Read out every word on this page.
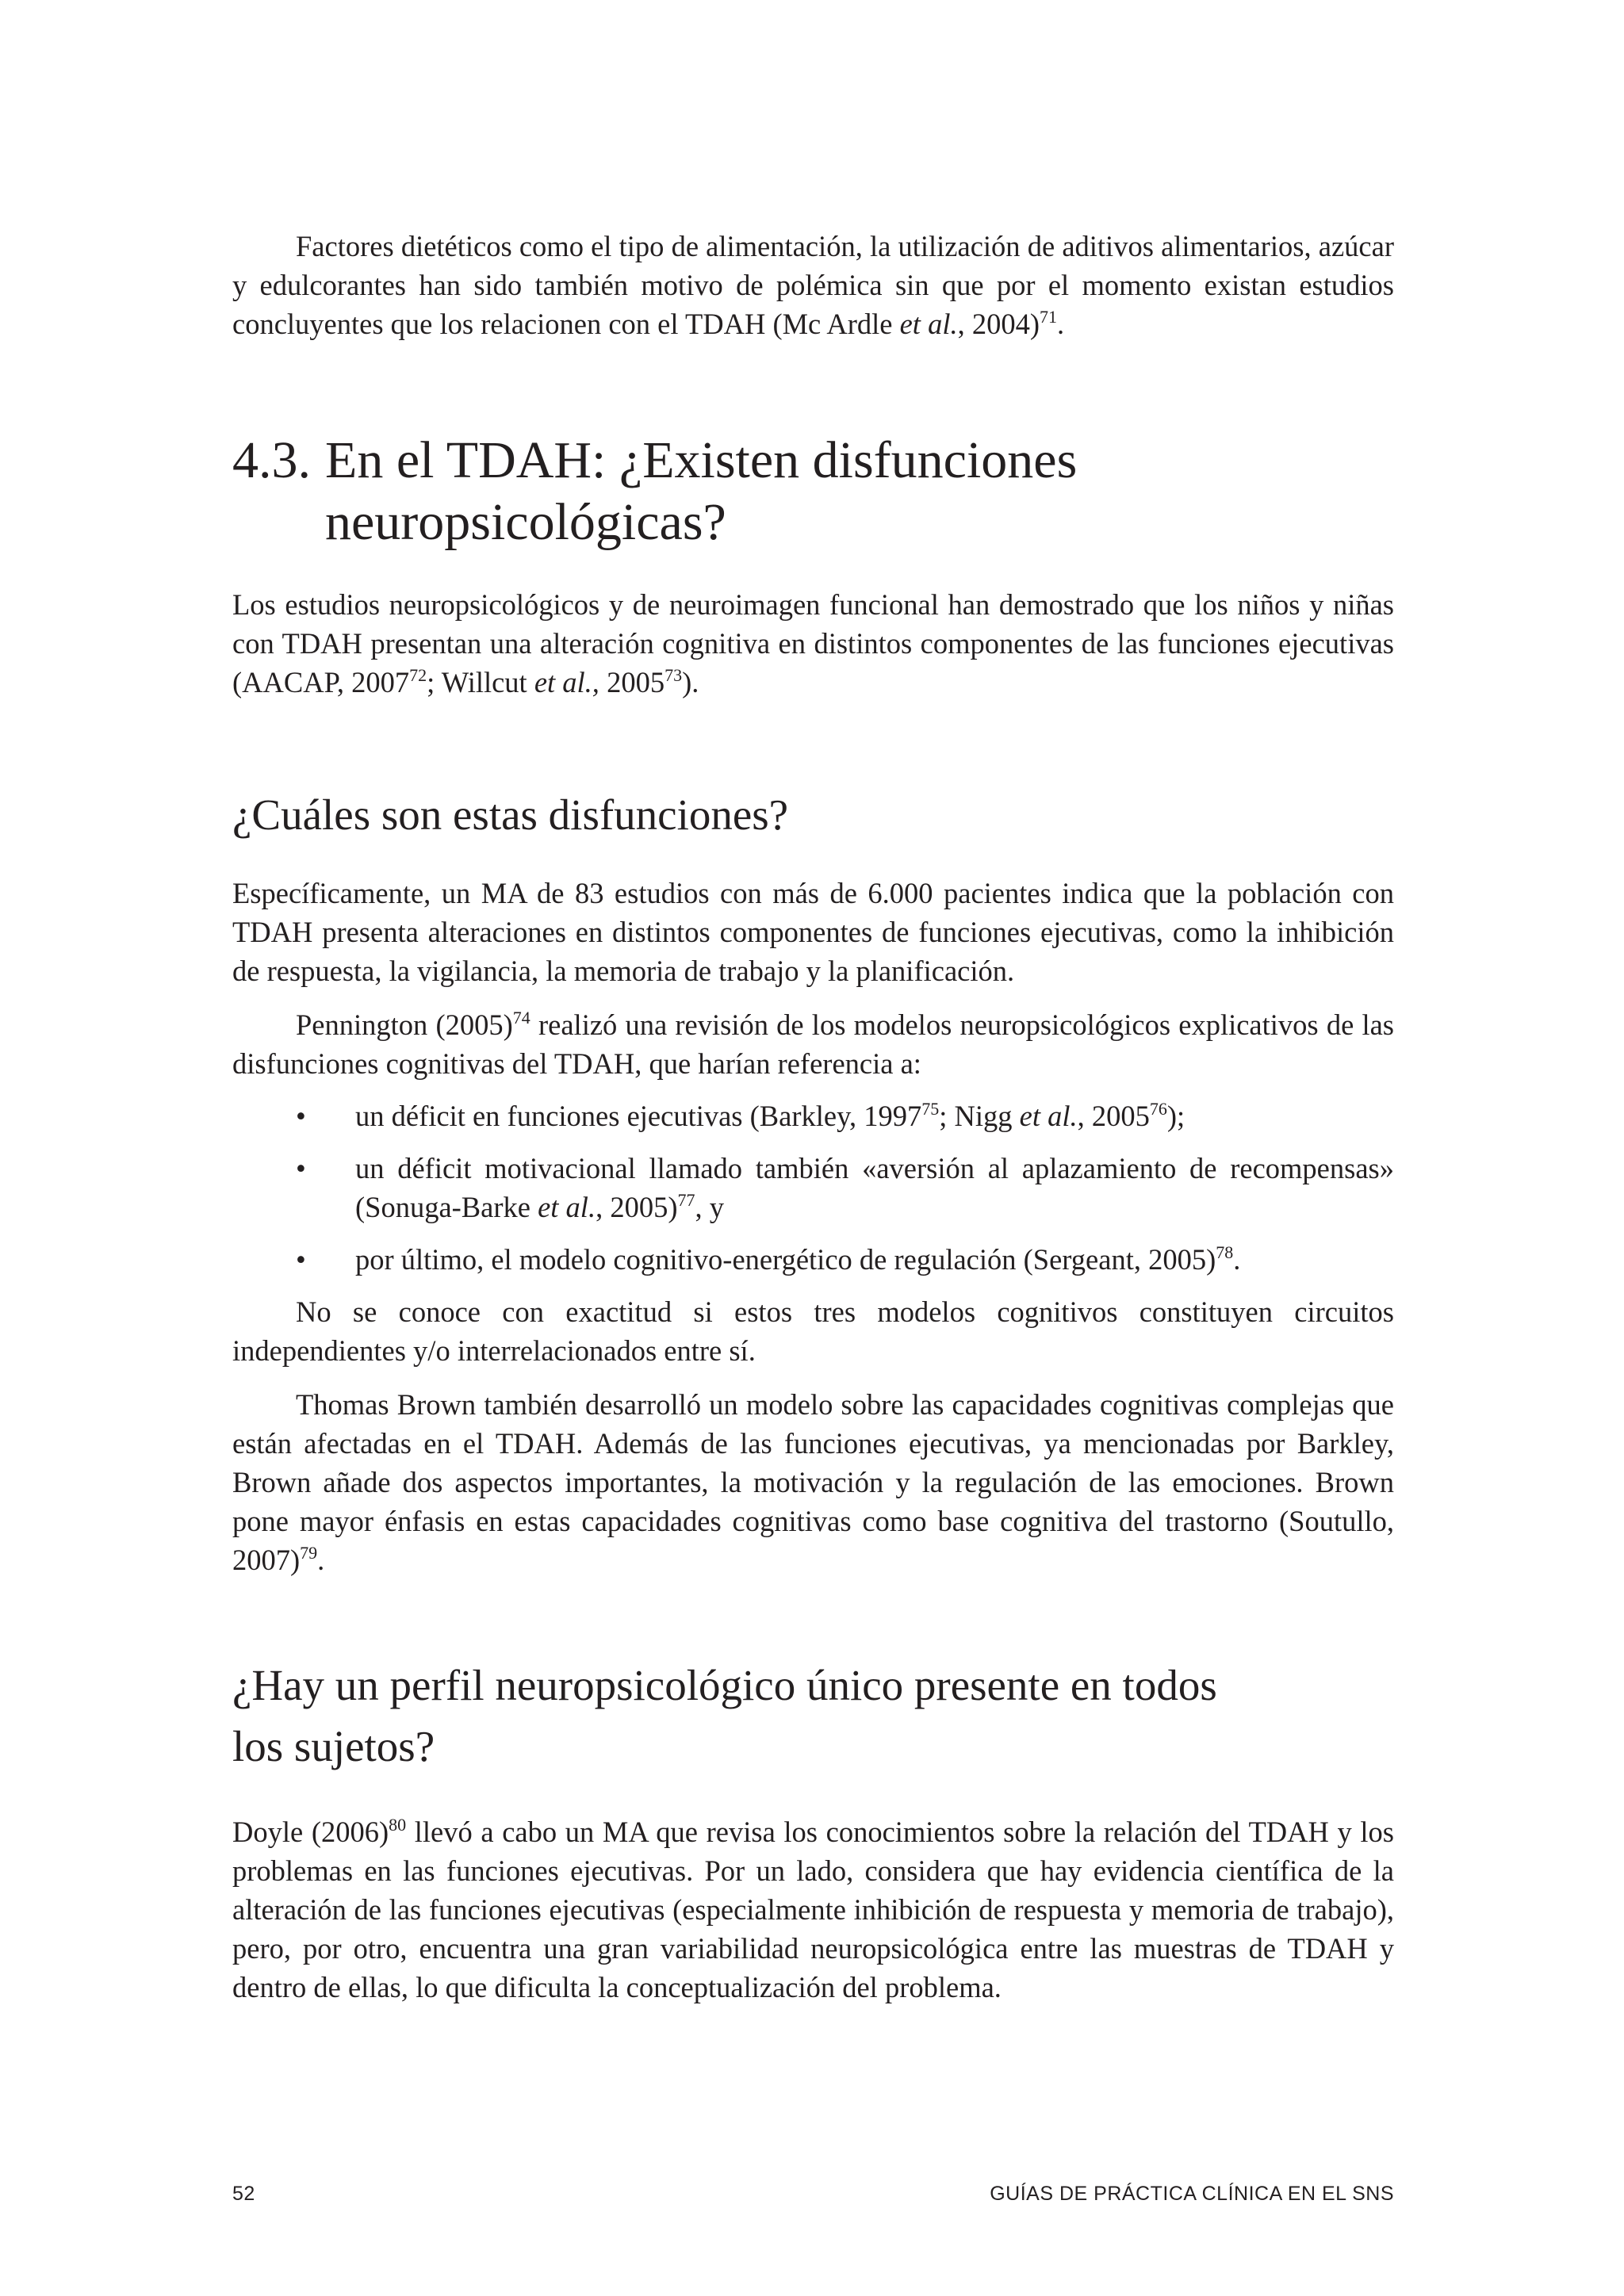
Factores dietéticos como el tipo de alimentación, la utilización de aditivos alimentarios, azúcar y edulcorantes han sido también motivo de polémica sin que por el momento existan estudios concluyentes que los relacionen con el TDAH (Mc Ardle et al., 2004)$^{71}$.

4.3. En el TDAH: ¿Existen disfunciones
neuropsicológicas?

Los estudios neuropsicológicos y de neuroimagen funcional han demostrado que los niños y niñas con TDAH presentan una alteración cognitiva en distintos componentes de las funciones ejecutivas (AACAP, 2007$^{72}$; Willcut et al., 2005$^{73}$).

¿Cuáles son estas disfunciones?

Específicamente, un MA de 83 estudios con más de 6.000 pacientes indica que la población con TDAH presenta alteraciones en distintos componentes de funciones ejecutivas, como la inhibición de respuesta, la vigilancia, la memoria de trabajo y la planificación.

Pennington $(2005)^{74}$ realizó una revisión de los modelos neuropsicológicos explicativos de las disfunciones cognitivas del TDAH, que harían referencia a:

• un déficit en funciones ejecutivas (Barkley, 1997$^{75}$; Nigg et al., 2005$^{76}$);
• un déficit motivacional llamado también «aversión al aplazamiento de recompensas» (Sonuga-Barke et al., 2005)$^{77}$, y
• por último, el modelo cognitivo-energético de regulación (Sergeant, 2005)$^{78}$.

No se conoce con exactitud si estos tres modelos cognitivos constituyen circuitos independientes y/o interrelacionados entre sí.

Thomas Brown también desarrolló un modelo sobre las capacidades cognitivas complejas que están afectadas en el TDAH. Además de las funciones ejecutivas, ya mencionadas por Barkley, Brown añade dos aspectos importantes, la motivación y la regulación de las emociones. Brown pone mayor énfasis en estas capacidades cognitivas como base cognitiva del trastorno (Soutullo, 2007)$^{79}$.

¿Hay un perfil neuropsicológico único presente en todos
los sujetos?

Doyle $(2006)^{80}$ llevó a cabo un MA que revisa los conocimientos sobre la relación del TDAH y los problemas en las funciones ejecutivas. Por un lado, considera que hay evidencia científica de la alteración de las funciones ejecutivas (especialmente inhibición de respuesta y memoria de trabajo), pero, por otro, encuentra una gran variabilidad neuropsicológica entre las muestras de TDAH y dentro de ellas, lo que dificulta la conceptualización del problema.

52	GUÍAS DE PRÁCTICA CLÍNICA EN EL SNS
